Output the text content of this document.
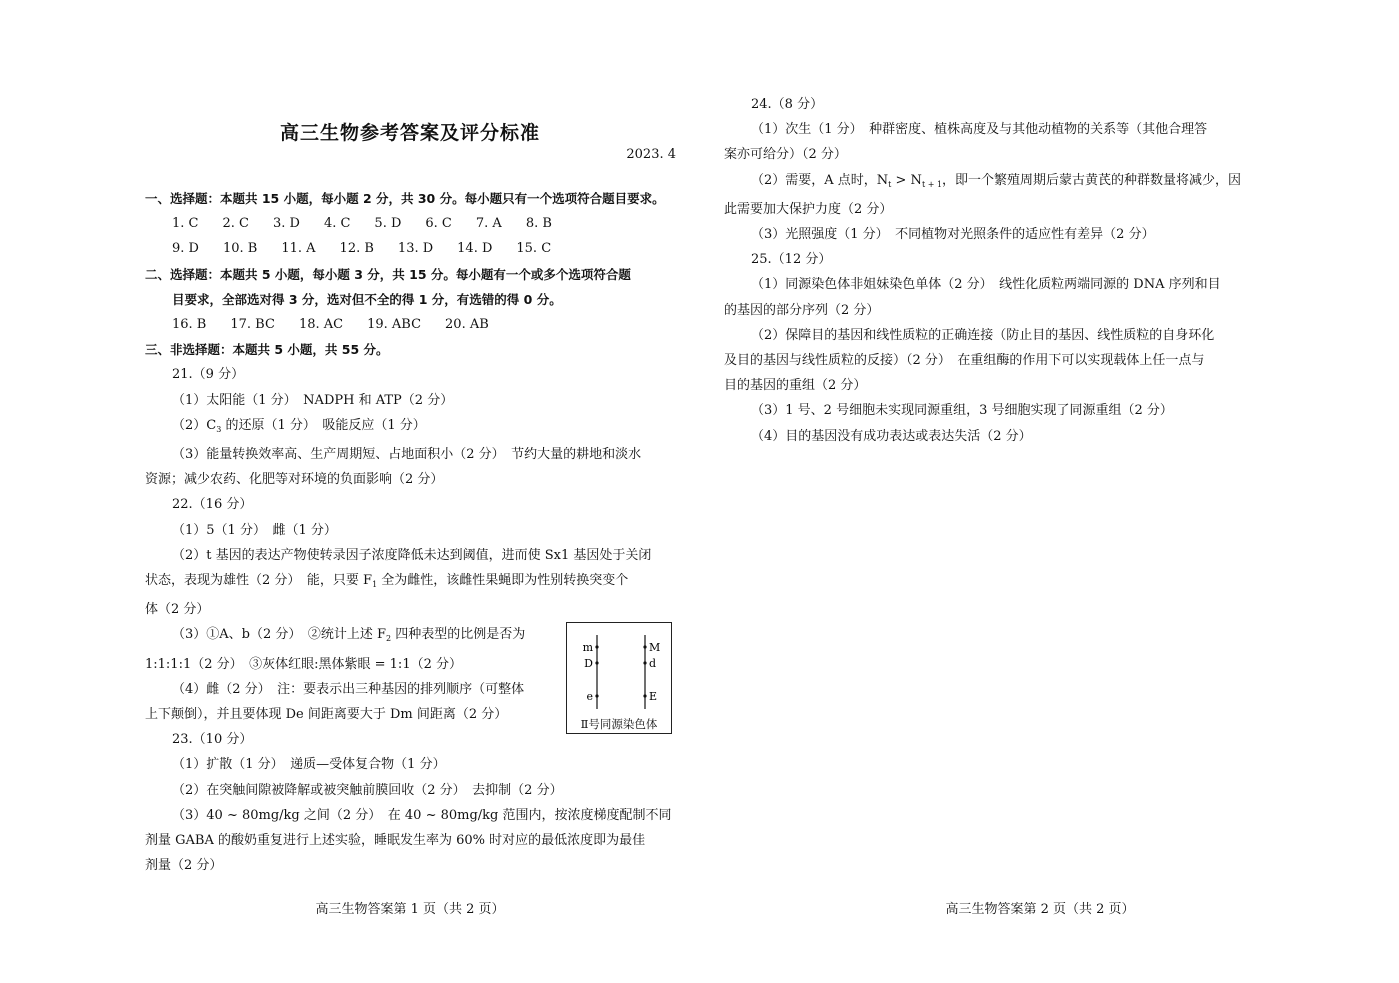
高三生物参考答案及评分标准
2023. 4
一、选择题：本题共 15 小题，每小题 2 分，共 30 分。每小题只有一个选项符合题目要求。
1. C 2. C 3. D 4. C 5. D 6. C 7. A 8. B
9. D 10. B 11. A 12. B 13. D 14. D 15. C
二、选择题：本题共 5 小题，每小题 3 分，共 15 分。每小题有一个或多个选项符合题
目要求，全部选对得 3 分，选对但不全的得 1 分，有选错的得 0 分。
16. B 17. BC 18. AC 19. ABC 20. AB
三、非选择题：本题共 5 小题，共 55 分。
21.（9 分）
（1）太阳能（1 分）　NADPH 和 ATP（2 分）
$(2)C_3$ 的还原（1 分）　吸能反应（1 分）
（3）能量转换效率高、生产周期短、占地面积小（2 分）　节约大量的耕地和淡水
资源；减少农药、化肥等对环境的负面影响（2 分）
22.（16 分）
（1）5（1 分）　雌（1 分）
（2）t 基因的表达产物使转录因子浓度降低未达到阈值，进而使 Sx1 基因处于关闭
状态，表现为雄性（2 分）　能，只要 $F_1$ 全为雌性，该雌性果蝇即为性别转换突变个
体（2 分）
m
D
e
M
d
E
Ⅱ号同源染色体
（3）①A、b（2 分）　②统计上述 $F_2$ 四种表型的比例是否为
1:1:1:1（2 分）　③灰体红眼:黑体紫眼 = 1:1（2 分）
（4）雌（2 分）　注：要表示出三种基因的排列顺序（可整体
上下颠倒），并且要体现 De 间距离要大于 Dm 间距离（2 分）
23.（10 分）
（1）扩散（1 分）　递质—受体复合物（1 分）
（2）在突触间隙被降解或被突触前膜回收（2 分）　去抑制（2 分）
（3）40 ~ 80mg/kg 之间（2 分）　在 40 ~ 80mg/kg 范围内，按浓度梯度配制不同
剂量 GABA 的酸奶重复进行上述实验，睡眠发生率为 60% 时对应的最低浓度即为最佳
剂量（2 分）
高三生物答案第 1 页（共 2 页）
24.（8 分）
（1）次生（1 分）　种群密度、植株高度及与其他动植物的关系等（其他合理答
案亦可给分）（2 分）
（2）需要，A 点时，$N_t > N_{t + 1}$，即一个繁殖周期后蒙古黄芪的种群数量将减少，因
此需要加大保护力度（2 分）
（3）光照强度（1 分）　不同植物对光照条件的适应性有差异（2 分）
25.（12 分）
（1）同源染色体非姐妹染色单体（2 分）　线性化质粒两端同源的 DNA 序列和目
的基因的部分序列（2 分）
（2）保障目的基因和线性质粒的正确连接（防止目的基因、线性质粒的自身环化
及目的基因与线性质粒的反接）（2 分）　在重组酶的作用下可以实现载体上任一点与
目的基因的重组（2 分）
（3）1 号、2 号细胞未实现同源重组，3 号细胞实现了同源重组（2 分）
（4）目的基因没有成功表达或表达失活（2 分）
高三生物答案第 2 页（共 2 页）
